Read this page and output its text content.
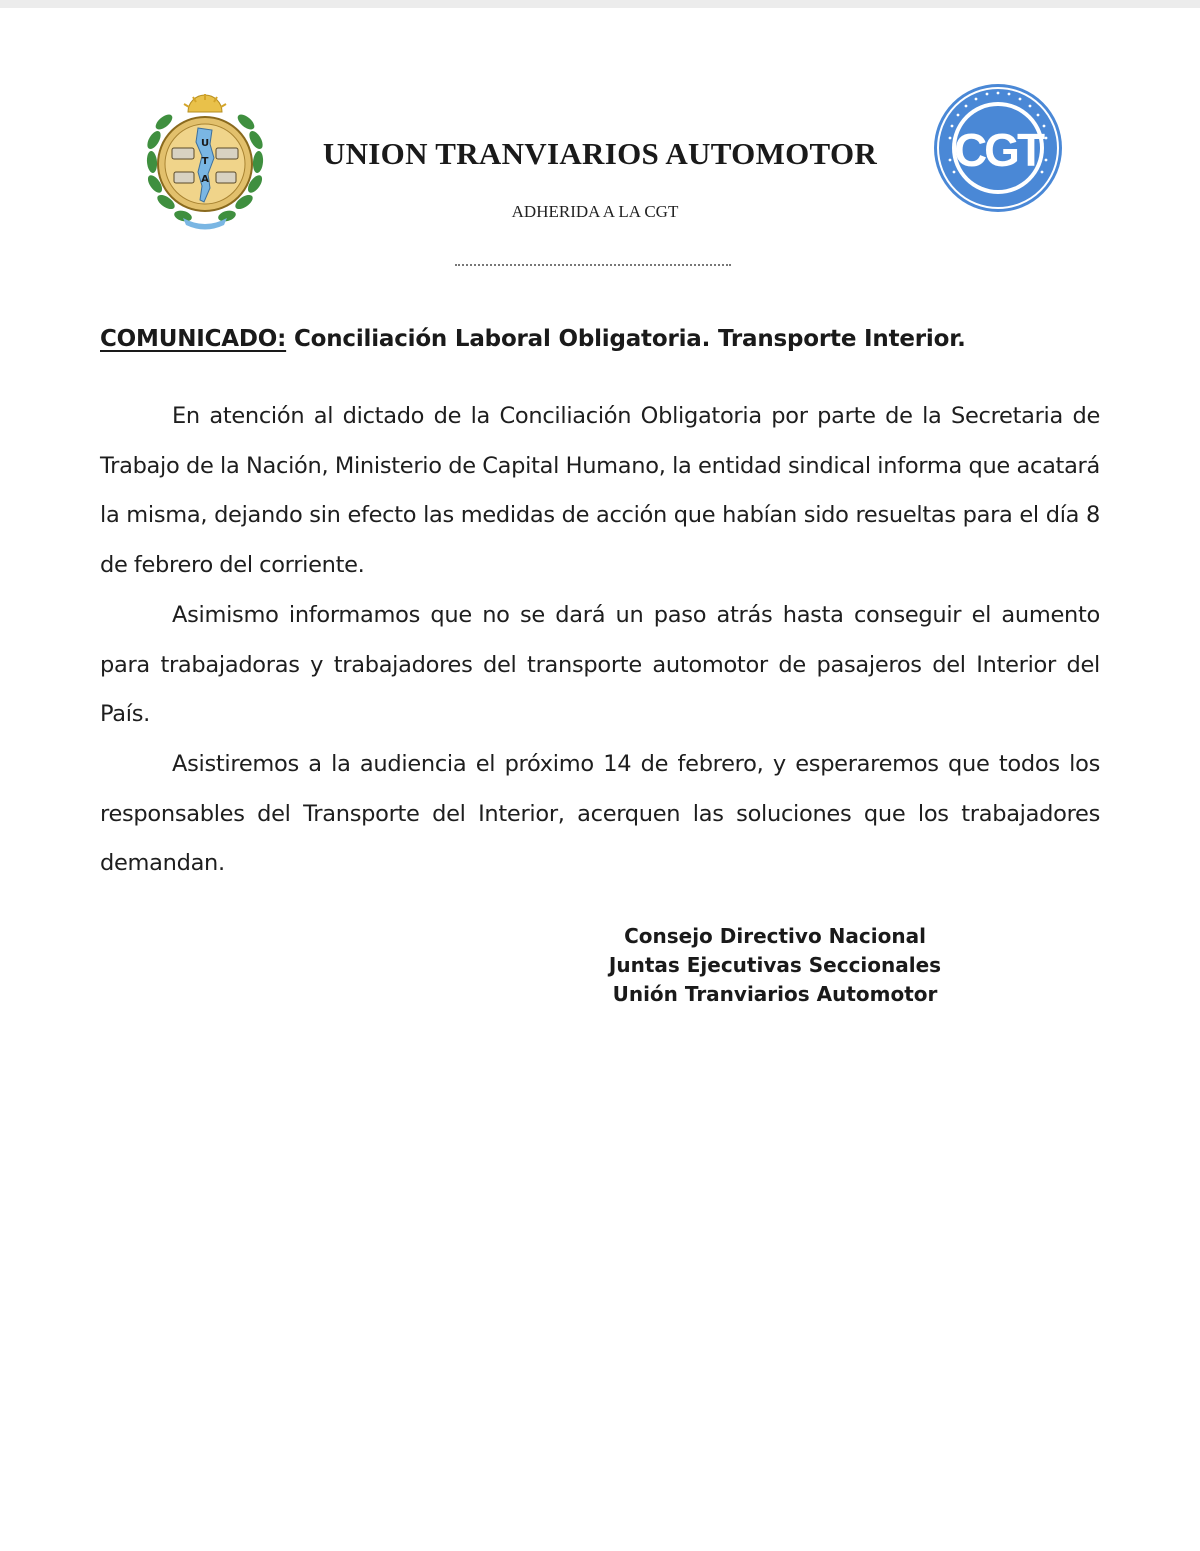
U
T
A
UNION TRANVIARIOS AUTOMOTOR
ADHERIDA A LA CGT
CGT
COMUNICADO: Conciliación Laboral Obligatoria. Transporte Interior.

En atención al dictado de la Conciliación Obligatoria por parte de la Secretaria de Trabajo de la Nación, Ministerio de Capital Humano, la entidad sindical informa que acatará la misma, dejando sin efecto las medidas de acción que habían sido resueltas para el día 8 de febrero del corriente.

Asimismo informamos que no se dará un paso atrás hasta conseguir el aumento para trabajadoras y trabajadores del transporte automotor de pasajeros del Interior del País.

Asistiremos a la audiencia el próximo 14 de febrero, y esperaremos que todos los responsables del Transporte del Interior, acerquen las soluciones que los trabajadores demandan.

Consejo Directivo Nacional
Juntas Ejecutivas Seccionales
Unión Tranviarios Automotor
